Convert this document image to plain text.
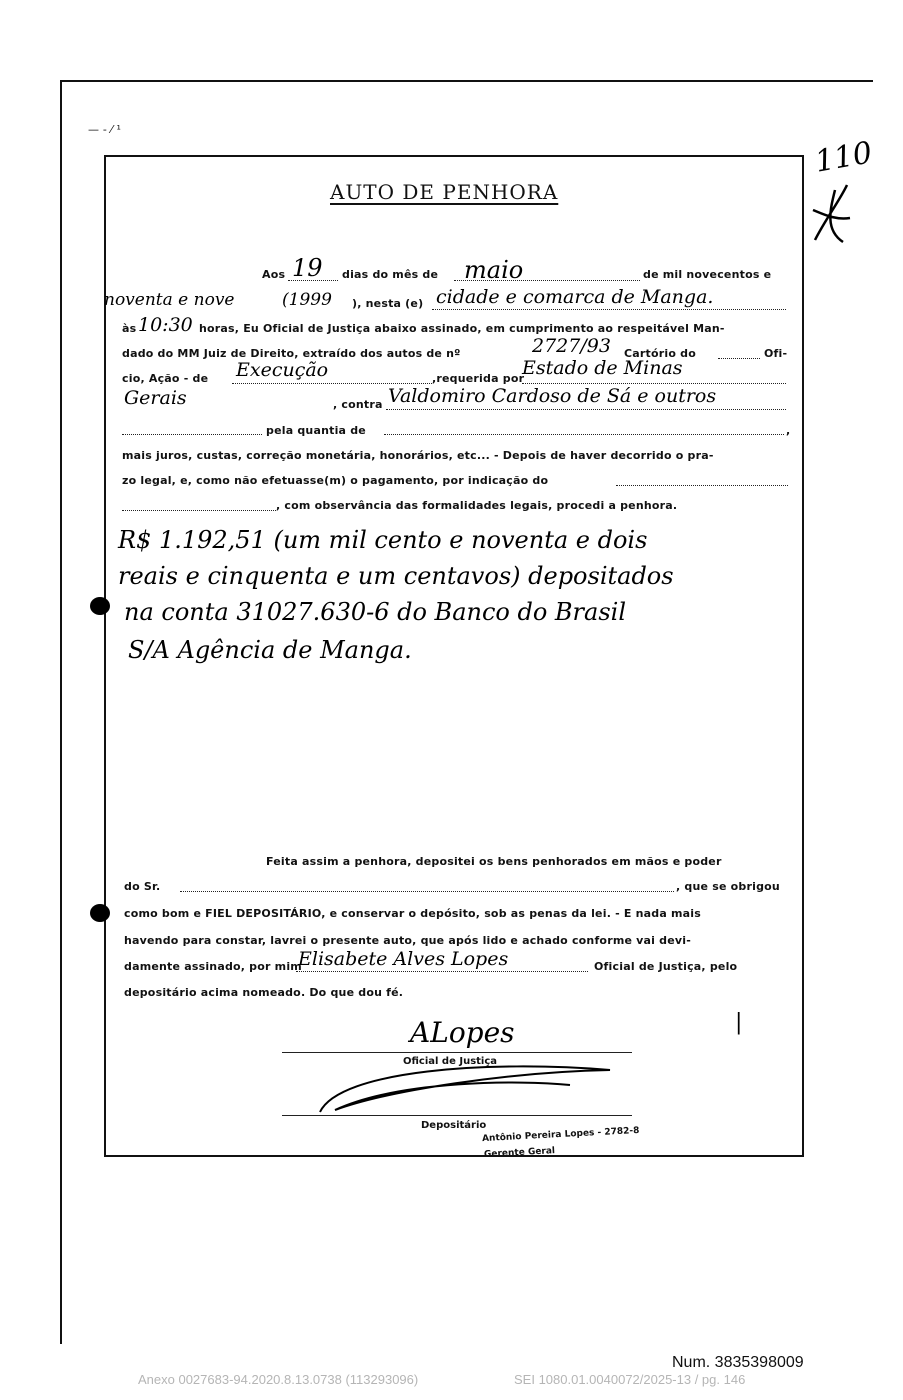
110
— - ⁄ ¹
AUTO DE PENHORA
Aos 19 dias do mês de maio	de mil novecentos e
noventa e nove	(1999 ), nesta (e) cidade e comarca de Manga.
às 10:30 horas, Eu Oficial de Justiça abaixo assinado, em cumprimento ao respeitável Man-
dado do MM Juiz de Direito, extraído dos autos de nº	2727/93 Cartório do	Ofi-
cio, Ação - de Execução	,requerida por
Estado de Minas
Gerais	, contra Valdomiro Cardoso de Sá e outros
pela quantia de	,
mais juros, custas, correção monetária, honorários, etc... - Depois de haver decorrido o pra-
zo legal, e, como não efetuasse(m) o pagamento, por indicação do
, com observância das formalidades legais, procedi a penhora.
R$ 1.192,51 (um mil cento e noventa e dois
reais e cinquenta e um centavos) depositados
na conta 31027.630-6 do Banco do Brasil
S/A Agência de Manga.
Feita assim a penhora, depositei os bens penhorados em mãos e poder
do Sr.	, que se obrigou
como bom e FIEL DEPOSITÁRIO, e conservar o depósito, sob as penas da lei. - E nada mais
havendo para constar, lavrei o presente auto, que após lido e achado conforme vai devi-
damente assinado, por mim
Elisabete Alves Lopes	Oficial de Justiça, pelo
depositário acima nomeado. Do que dou fé.
Oficial de Justiça
ALopes
Depositário
Antônio Pereira Lopes - 2782-8
Gerente Geral
|
Num. 3835398009
Anexo 0027683-94.2020.8.13.0738 (113293096)	SEI 1080.01.0040072/2025-13 / pg. 146
